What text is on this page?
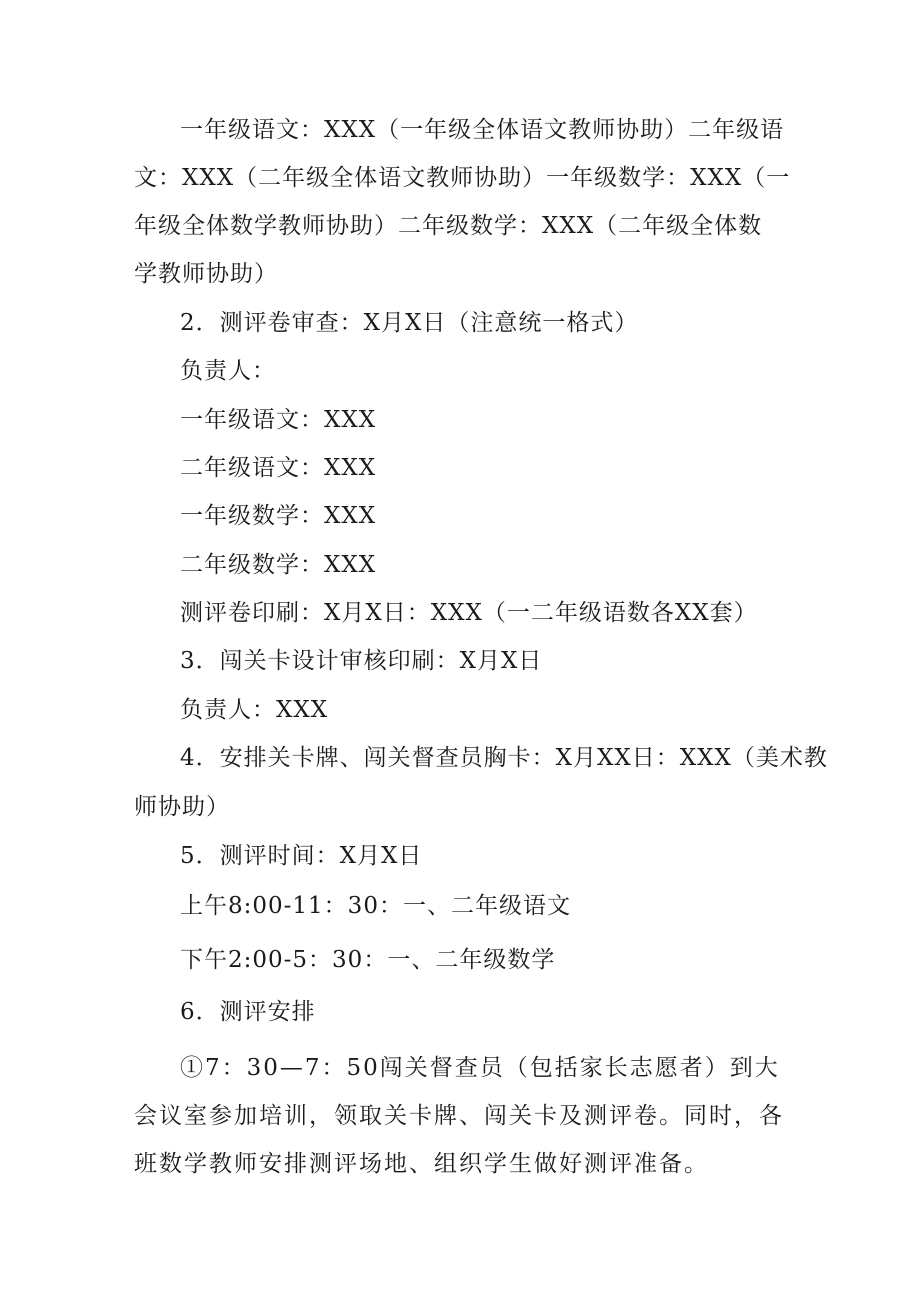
一年级语文：XXX（一年级全体语文教师协助）二年级语
文：XXX（二年级全体语文教师协助）一年级数学：XXX（一
年级全体数学教师协助）二年级数学：XXX（二年级全体数
学教师协助）
2．测评卷审查：X月X日（注意统一格式）
负责人：
一年级语文：XXX
二年级语文：XXX
一年级数学：XXX
二年级数学：XXX
测评卷印刷：X月X日：XXX（一二年级语数各XX套）
3．闯关卡设计审核印刷：X月X日
负责人：XXX
4．安排关卡牌、闯关督查员胸卡：X月XX日：XXX（美术教
师协助）
5．测评时间：X月X日
上午8:00-11：30：一、二年级语文
下午2:00-5：30：一、二年级数学
6．测评安排
①7：30—7：50闯关督查员（包括家长志愿者）到大会议室参加培训，领取关卡牌、闯关卡及测评卷。同时，各班数学教师安排测评场地、组织学生做好测评准备。
